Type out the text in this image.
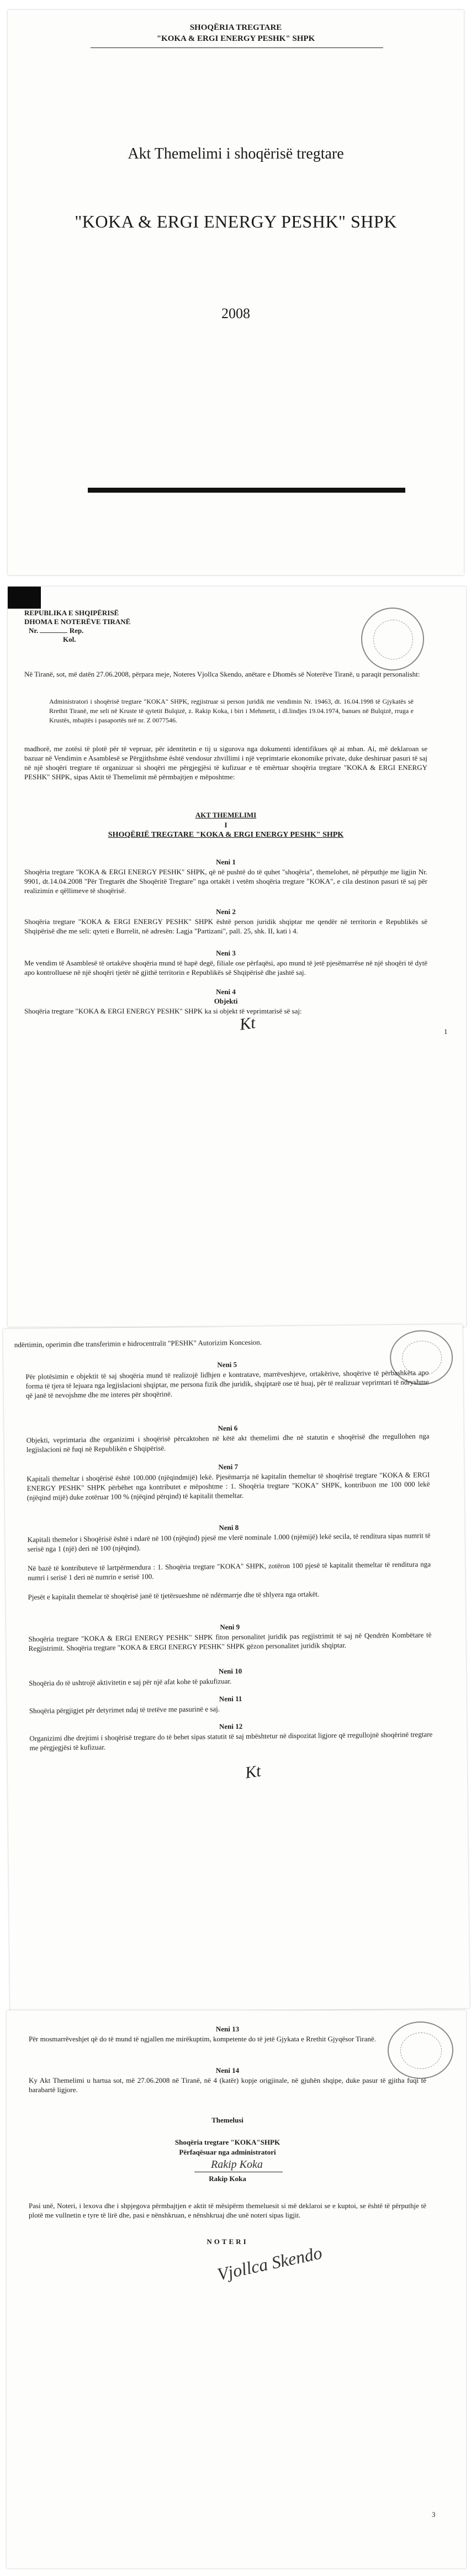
SHOQËRIA TREGTARE
"KOKA & ERGI ENERGY PESHK" SHPK
Akt Themelimi i shoqërisë tregtare
"KOKA & ERGI ENERGY PESHK" SHPK
2008
REPUBLIKA E SHQIPËRISË
DHOMA E NOTERËVE TIRANË
Nr.	Rep.
Kol.
Në Tiranë, sot, më datën 27.06.2008, përpara meje, Noteres Vjollca Skendo, anëtare e Dhomës së Noterëve Tiranë, u paraqit personalisht:
Administratori i shoqërisë tregtare "KOKA" SHPK, regjistruar si person juridik me vendimin Nr. 19463, dt. 16.04.1998 të Gjykatës së Rrethit Tiranë, me seli në Kruste të qytetit Bulqizë, z. Rakip Koka, i biri i Mehmetit, i dl.lindjes 19.04.1974, banues në Bulqizë, rruga e Krustës, mbajtës i pasaportës nrë nr. Z 0077546.
madhorë, me zotësi të plotë për të vepruar, për identitetin e tij u sigurova nga dokumenti identifikues që ai mban. Ai, më deklaroan se bazuar në Vendimin e Asamblesë se Përgjithshme është vendosur zhvillimi i një veprimtarie ekonomike private, duke deshiruar pasuri të saj në një shoqëri tregtare të organizuar si shoqëri me përgjegjësi të kufizuar e të emërtuar shoqëria tregtare "KOKA & ERGI ENERGY PESHK" SHPK, sipas Aktit të Themelimit më përmbajtjen e mëposhtme:
AKT THEMELIMI
I
SHOQËRIË TREGTARE "KOKA & ERGI ENERGY PESHK" SHPK
Neni 1
Shoqëria tregtare "KOKA & ERGI ENERGY PESHK" SHPK, që në pushtë do të quhet "shoqëria", themelohet, në përputhje me ligjin Nr. 9901, dt.14.04.2008 "Për Tregtarët dhe Shoqëritë Tregtare" nga ortakët i vetëm shoqëria tregtare "KOKA", e cila destinon pasuri të saj për realizimin e qëllimeve të shoqërisë.
Neni 2
Shoqëria tregtare "KOKA & ERGI ENERGY PESHK" SHPK është person juridik shqiptar me qendër në territorin e Republikës së Shqipërisë dhe me seli: qyteti e Burrelit, në adresën: Lagja "Partizani", pall. 25, shk. II, kati i 4.
Neni 3
Me vendim të Asamblesë të ortakëve shoqëria mund të hapë degë, filiale ose përfaqësi, apo mund të jetë pjesëmarrëse në një shoqëri të dytë apo kontrolluese në një shoqëri tjetër në gjithë territorin e Republikës së Shqipërisë dhe jashtë saj.
Neni 4
Objekti
Shoqëria tregtare "KOKA & ERGI ENERGY PESHK" SHPK ka si objekt të veprimtarisë së saj:
Kt	1
ndërtimin, operimin dhe transferimin e hidrocentralit "PESHK" Autorizim Koncesion.
Neni 5
Për plotësimin e objektit të saj shoqëria mund të realizojë lidhjen e kontratave, marrëveshjeve, ortakërive, shoqërive të përbashkëta apo forma të tjera të lejuara nga legjislacioni shqiptar, me persona fizik dhe juridik, shqiptarë ose të huaj, për të realizuar veprimtari të ndryshme që janë të nevojshme dhe me interes për shoqërinë.
Neni 6
Objekti, veprimtaria dhe organizimi i shoqërisë përcaktohen në këtë akt themelimi dhe në statutin e shoqërisë dhe rregullohen nga legjislacioni në fuqi në Republikën e Shqipërisë.
Neni 7
Kapitali themeltar i shoqërisë është 100.000 (njëqindmijë) lekë. Pjesëmarrja në kapitalin themeltar të shoqërisë tregtare "KOKA & ERGI ENERGY PESHK" SHPK përbëhet nga kontributet e mëposhtme : 1. Shoqëria tregtare "KOKA" SHPK, kontribuon me 100 000 lekë (njëqind mijë) duke zotëruar 100 % (njëqind përqind) të kapitalit themeltar.
Neni 8
Kapitali themelor i Shoqërisë është i ndarë në 100 (njëqind) pjesë me vlerë nominale 1.000 (njëmijë) lekë secila, të renditura sipas numrit të serisë nga 1 (një) deri në 100 (njëqind).
Në bazë të kontributeve të lartpërmendura : 1. Shoqëria tregtare "KOKA" SHPK, zotëron 100 pjesë të kapitalit themeltar të renditura nga numri i serisë 1 deri në numrin e serisë 100.
Pjesët e kapitalit themelar të shoqërisë janë të tjetërsueshme në ndërmarrje dhe të shlyera nga ortakët.
Neni 9
Shoqëria tregtare "KOKA & ERGI ENERGY PESHK" SHPK fiton personalitet juridik pas regjistrimit të saj në Qendrën Kombëtare të Regjistrimit. Shoqëria tregtare "KOKA & ERGI ENERGY PESHK" SHPK gëzon personalitet juridik shqiptar.
Neni 10
Shoqëria do të ushtrojë aktivitetin e saj për një afat kohe të pakufizuar.
Neni 11
Shoqëria përgjigjet për detyrimet ndaj të tretëve me pasurinë e saj.
Neni 12
Organizimi dhe drejtimi i shoqërisë tregtare do të behet sipas statutit të saj mbështetur në dispozitat ligjore që rregullojnë shoqërinë tregtare me përgjegjësi të kufizuar.
Kt
Neni 13
Për mosmarrëveshjet që do të mund të ngjallen me mirëkuptim, kompetente do të jetë Gjykata e Rrethit Gjyqësor Tiranë.
Neni 14
Ky Akt Themelimi u hartua sot, më 27.06.2008 në Tiranë, në 4 (katër) kopje origjinale, në gjuhën shqipe, duke pasur të gjitha fuqi të barabartë ligjore.
Themelusi
Shoqëria tregtare "KOKA"SHPK
Përfaqësuar nga administratori
Rakip Koka
Rakip Koka
Pasi unë, Noteri, i lexova dhe i shpjegova përmbajtjen e aktit të mësipërm themeluesit si më deklaroi se e kuptoi, se është të përputhje të plotë me vullnetin e tyre të lirë dhe, pasi e nënshkruan, e nënshkruaj dhe unë noteri sipas ligjit.
NOTERI
Vjollca Skendo
3
